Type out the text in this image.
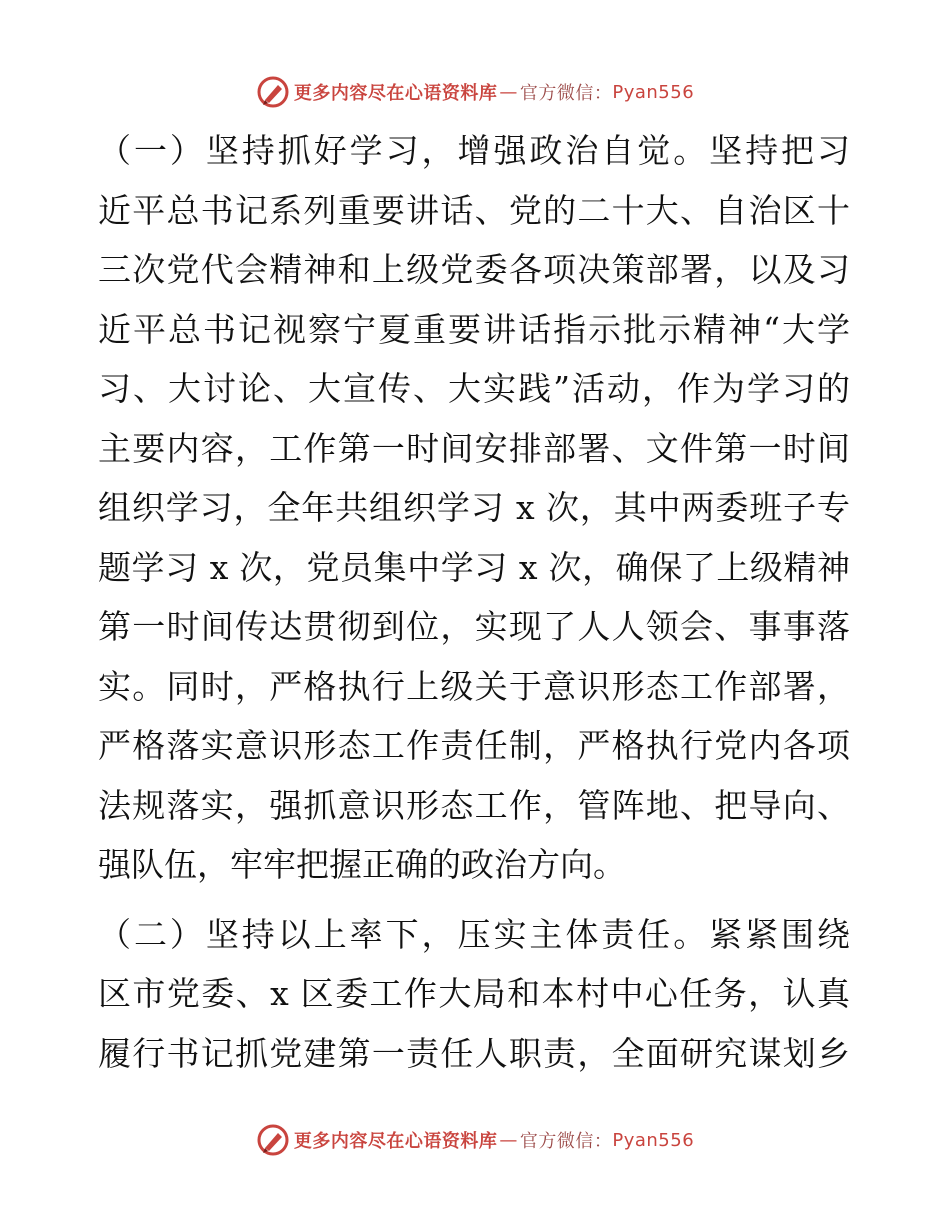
更多内容尽在心语资料库 — 官方微信： Pyan556
（一）坚持抓好学习，增强政治自觉。坚持把习
近平总书记系列重要讲话、党的二十大、自治区十
三次党代会精神和上级党委各项决策部署，以及习
近平总书记视察宁夏重要讲话指示批示精神“大学
习、大讨论、大宣传、大实践”活动，作为学习的
主要内容，工作第一时间安排部署、文件第一时间
组织学习，全年共组织学习 x 次，其中两委班子专
题学习 x 次，党员集中学习 x 次，确保了上级精神
第一时间传达贯彻到位，实现了人人领会、事事落
实。同时，严格执行上级关于意识形态工作部署，
严格落实意识形态工作责任制，严格执行党内各项
法规落实，强抓意识形态工作，管阵地、把导向、
强队伍，牢牢把握正确的政治方向。
（二）坚持以上率下，压实主体责任。紧紧围绕
区市党委、x 区委工作大局和本村中心任务，认真
履行书记抓党建第一责任人职责，全面研究谋划乡
更多内容尽在心语资料库 — 官方微信： Pyan556
